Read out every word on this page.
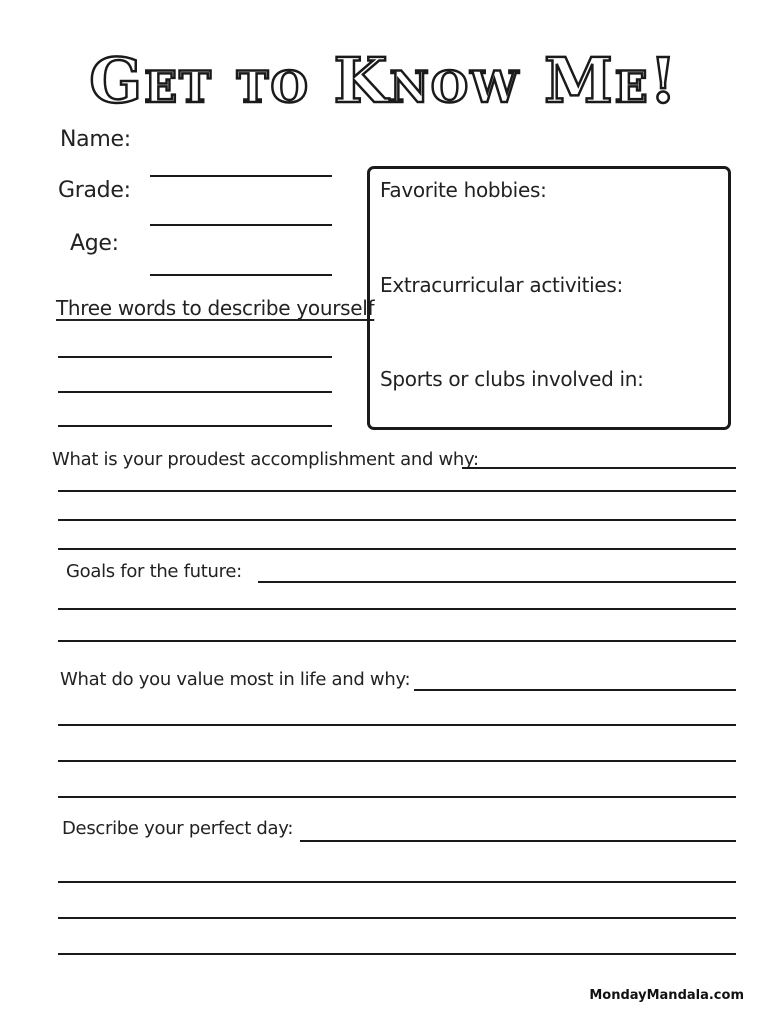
Get to Know Me!
Name:
Grade:
Age:
Three words to describe yourself
Favorite hobbies:
Extracurricular activities:
Sports or clubs involved in:
What is your proudest accomplishment and why:
Goals for the future:
What do you value most in life and why:
Describe your perfect day:
MondayMandala.com
